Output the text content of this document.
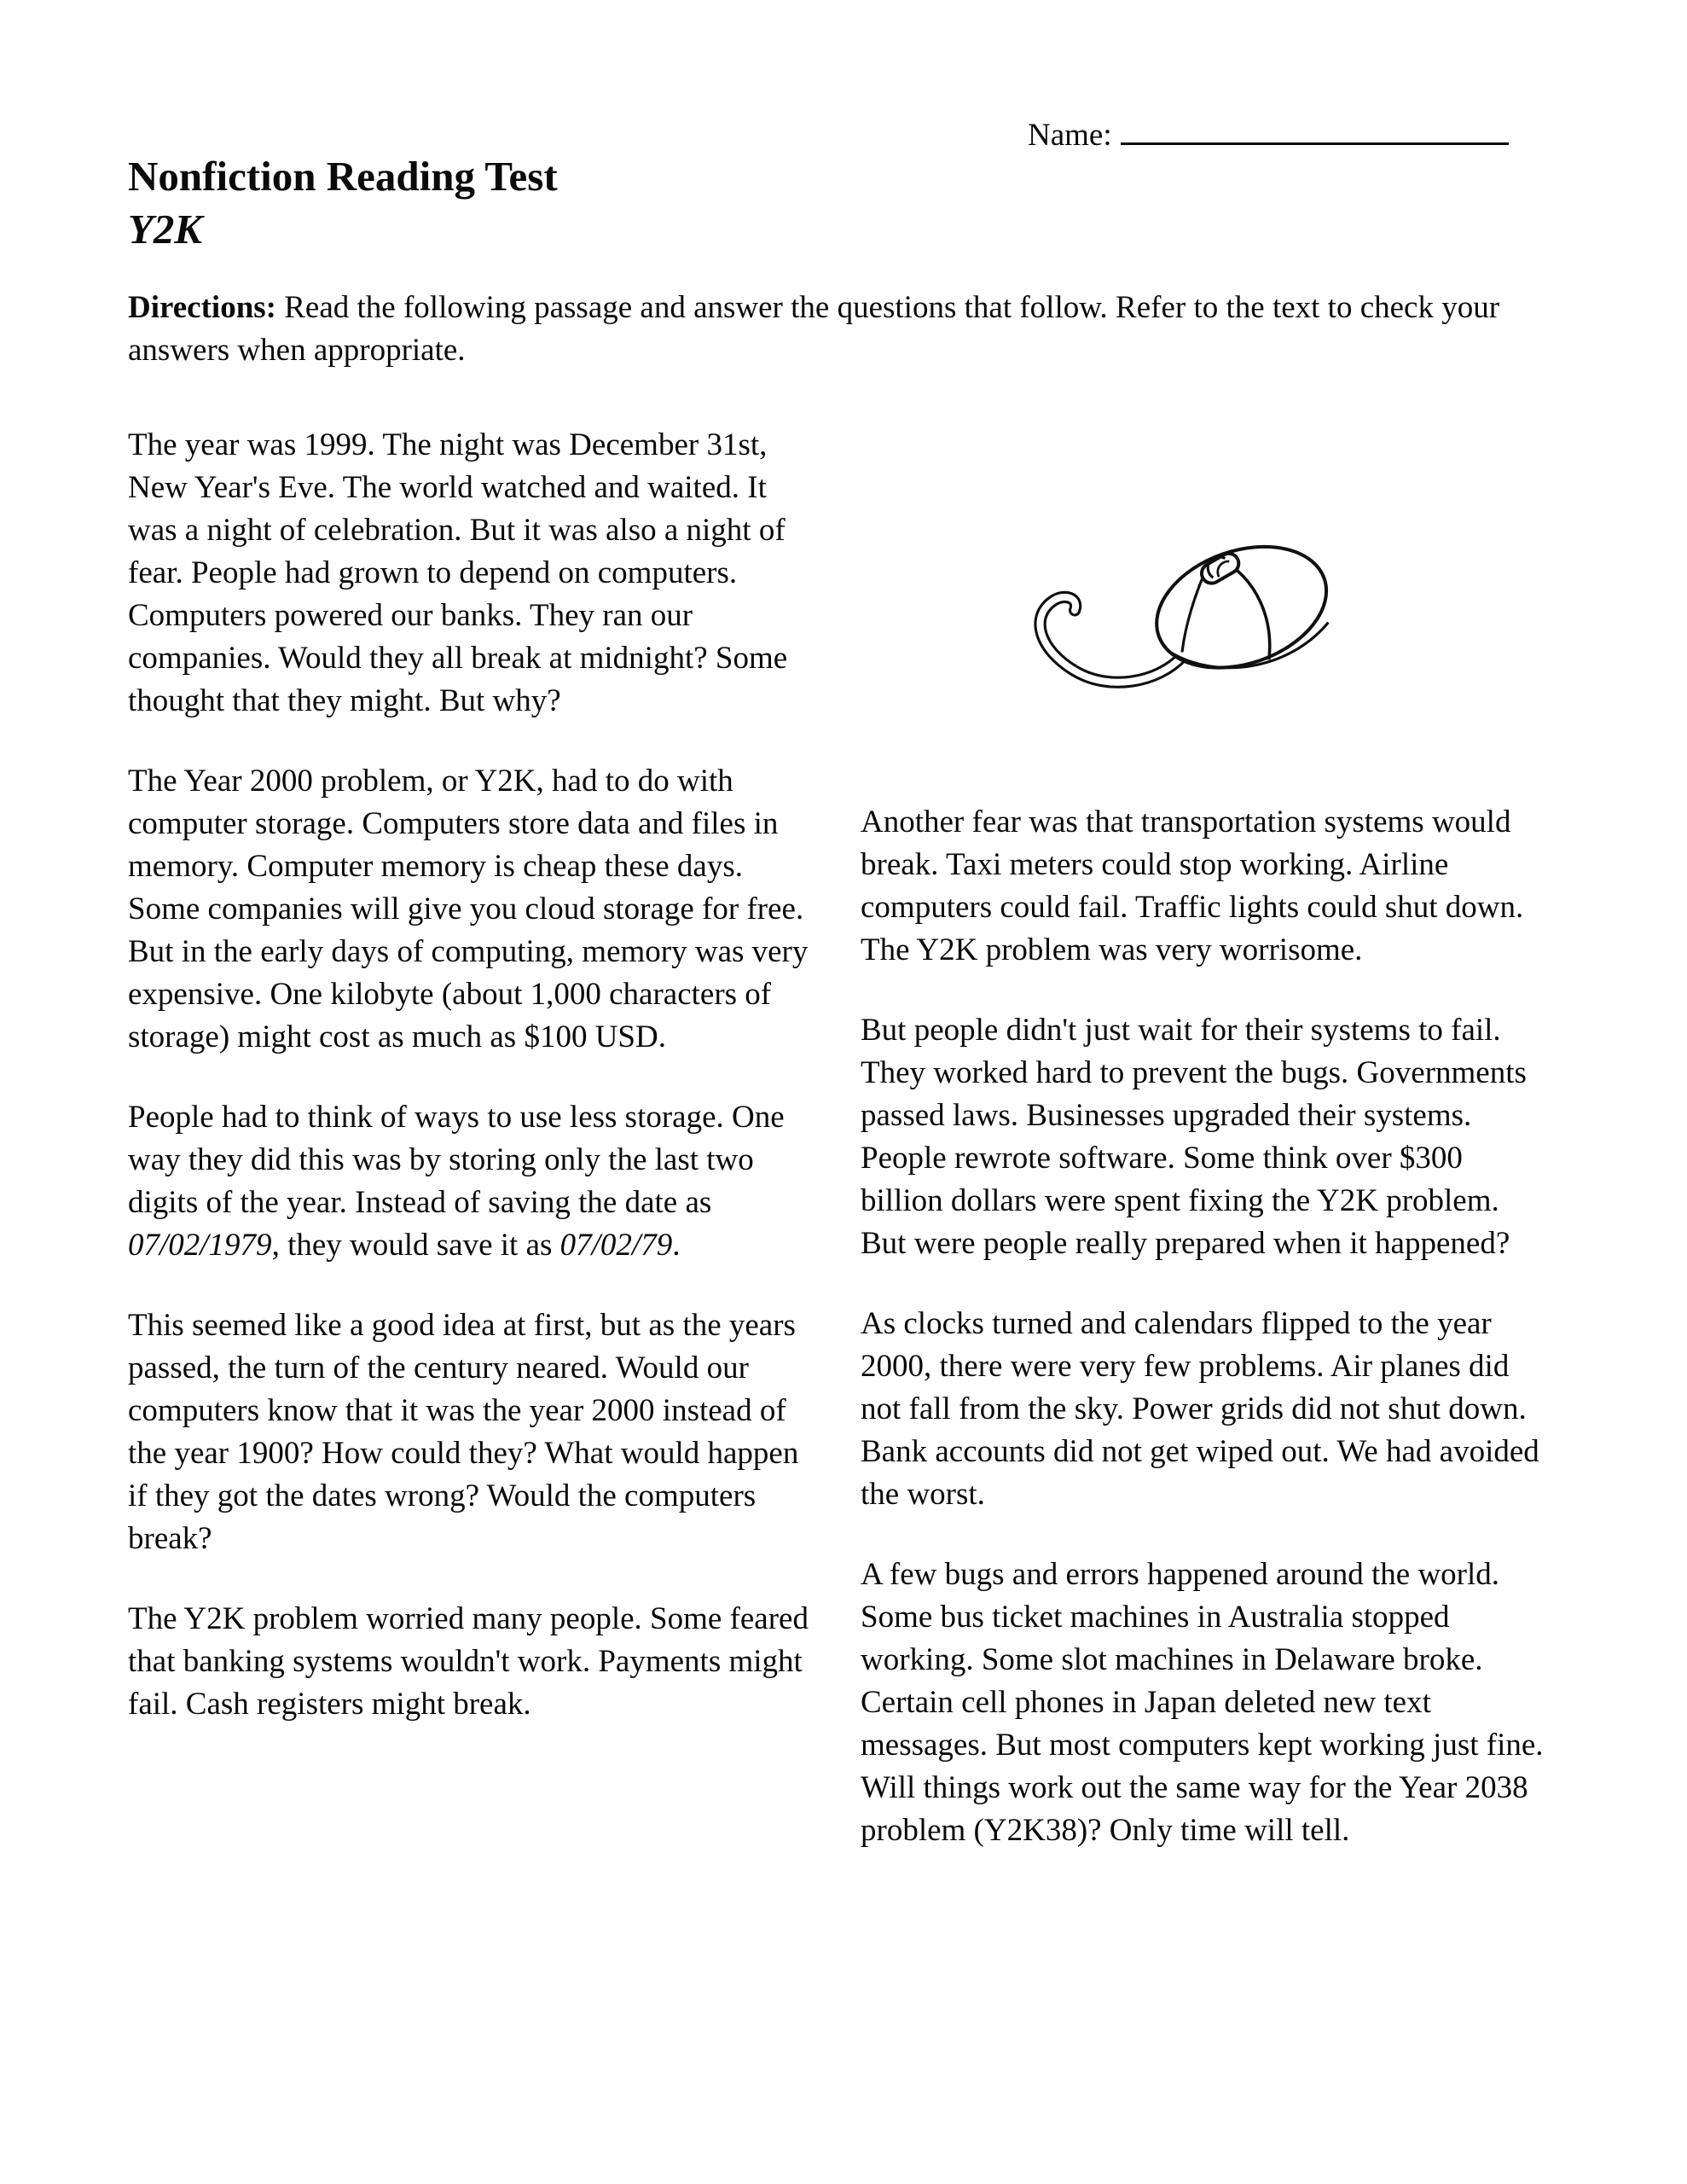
Name:
Nonfiction Reading Test
Y2K
Directions: Read the following passage and answer the questions that follow. Refer to the text to check your answers when appropriate.

The year was 1999. The night was December 31st, New Year's Eve. The world watched and waited. It was a night of celebration. But it was also a night of fear. People had grown to depend on computers. Computers powered our banks. They ran our companies. Would they all break at midnight? Some thought that they might. But why?

The Year 2000 problem, or Y2K, had to do with computer storage. Computers store data and files in memory. Computer memory is cheap these days. Some companies will give you cloud storage for free. But in the early days of computing, memory was very expensive. One kilobyte (about 1,000 characters of storage) might cost as much as $100 USD.

People had to think of ways to use less storage. One way they did this was by storing only the last two digits of the year. Instead of saving the date as 07/02/1979, they would save it as 07/02/79.

This seemed like a good idea at first, but as the years passed, the turn of the century neared. Would our computers know that it was the year 2000 instead of the year 1900? How could they? What would happen if they got the dates wrong? Would the computers break?

The Y2K problem worried many people. Some feared that banking systems wouldn't work. Payments might fail. Cash registers might break.

Another fear was that transportation systems would break. Taxi meters could stop working. Airline computers could fail. Traffic lights could shut down. The Y2K problem was very worrisome.

But people didn't just wait for their systems to fail. They worked hard to prevent the bugs. Governments passed laws. Businesses upgraded their systems. People rewrote software. Some think over $300 billion dollars were spent fixing the Y2K problem. But were people really prepared when it happened?

As clocks turned and calendars flipped to the year 2000, there were very few problems. Air planes did not fall from the sky. Power grids did not shut down. Bank accounts did not get wiped out. We had avoided the worst.

A few bugs and errors happened around the world. Some bus ticket machines in Australia stopped working. Some slot machines in Delaware broke. Certain cell phones in Japan deleted new text messages. But most computers kept working just fine. Will things work out the same way for the Year 2038 problem (Y2K38)? Only time will tell.
